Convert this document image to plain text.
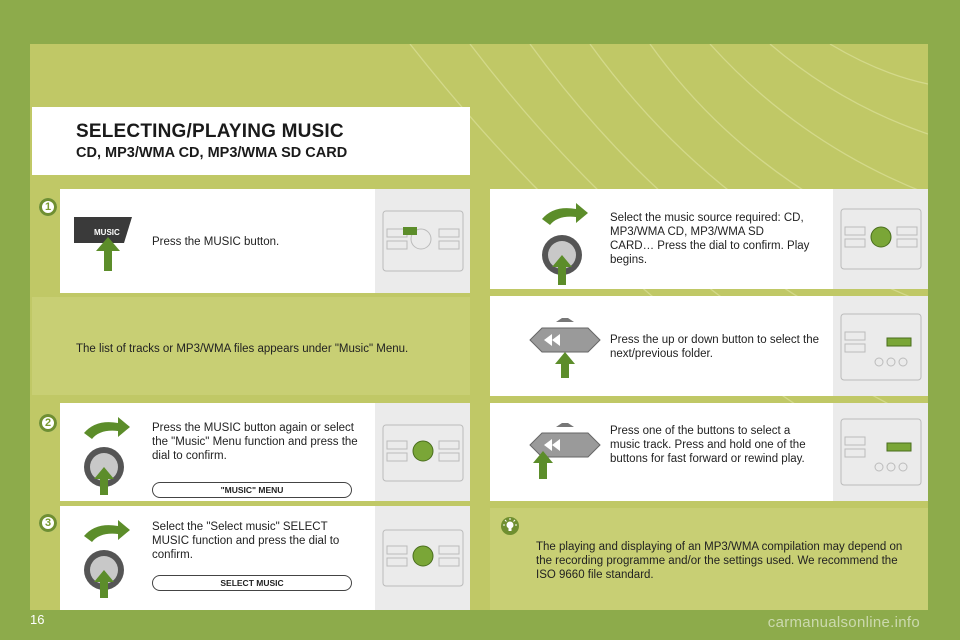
SELECTING/PLAYING MUSIC
CD, MP3/WMA CD, MP3/WMA SD CARD
1
MUSIC
Press the MUSIC button.
The list of tracks or MP3/WMA files appears under "Music" Menu.
2	Press the MUSIC button again or select the "Music" Menu function and press the dial to confirm.
"MUSIC" MENU
3	Select the "Select music" SELECT MUSIC function and press the dial to confirm.
SELECT MUSIC
Select the music source required: CD, MP3/WMA CD, MP3/WMA SD CARD… Press the dial to confirm. Play begins.
Press the up or down button to select the next/previous folder.
Press one of the buttons to select a music track. Press and hold one of the buttons for fast forward or rewind play.
The playing and displaying of an MP3/WMA compilation may depend on the recording programme and/or the settings used. We recommend the ISO 9660 file standard.
16	carmanualsonline.info
